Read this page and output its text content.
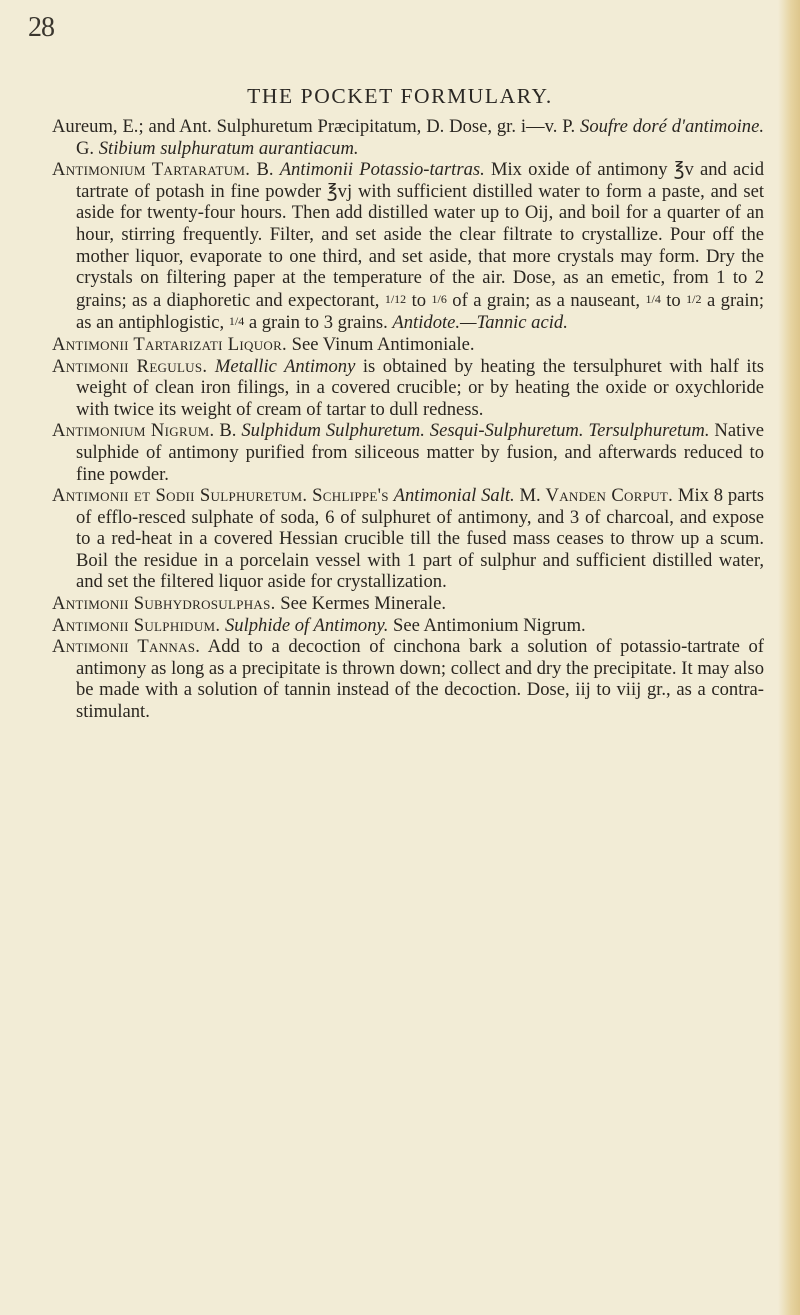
28
THE POCKET FORMULARY.

Aureum, E.; and Ant. Sulphuretum Præcipitatum, D. Dose, gr. i—v. P. Soufre doré d'antimoine. G. Stibium sulphuratum aurantiacum.

Antimonium Tartaratum. B. Antimonii Potassio-tartras. Mix oxide of antimony ℥v and acid tartrate of potash in fine powder ℥vj with sufficient distilled water to form a paste, and set aside for twenty-four hours. Then add distilled water up to Oij, and boil for a quarter of an hour, stirring frequently. Filter, and set aside the clear filtrate to crystallize. Pour off the mother liquor, evaporate to one third, and set aside, that more crystals may form. Dry the crystals on filtering paper at the temperature of the air. Dose, as an emetic, from 1 to 2 grains; as a diaphoretic and expectorant, 1/12 to 1/6 of a grain; as a nauseant, 1/4 to 1/2 a grain; as an antiphlogistic, 1/4 a grain to 3 grains. Antidote.—Tannic acid.

Antimonii Tartarizati Liquor. See Vinum Antimoniale.

Antimonii Regulus. Metallic Antimony is obtained by heating the tersulphuret with half its weight of clean iron filings, in a covered crucible; or by heating the oxide or oxychloride with twice its weight of cream of tartar to dull redness.

Antimonium Nigrum. B. Sulphidum Sulphuretum. Sesqui-Sulphuretum. Tersulphuretum. Native sulphide of antimony purified from siliceous matter by fusion, and afterwards reduced to fine powder.

Antimonii et Sodii Sulphuretum. Schlippe's Antimonial Salt. M. Vanden Corput. Mix 8 parts of efflo-resced sulphate of soda, 6 of sulphuret of antimony, and 3 of charcoal, and expose to a red-heat in a covered Hessian crucible till the fused mass ceases to throw up a scum. Boil the residue in a porcelain vessel with 1 part of sulphur and sufficient distilled water, and set the filtered liquor aside for crystallization.

Antimonii Subhydrosulphas. See Kermes Minerale.

Antimonii Sulphidum. Sulphide of Antimony. See Antimonium Nigrum.

Antimonii Tannas. Add to a decoction of cinchona bark a solution of potassio-tartrate of antimony as long as a precipitate is thrown down; collect and dry the precipitate. It may also be made with a solution of tannin instead of the decoction. Dose, iij to viij gr., as a contra-stimulant.
